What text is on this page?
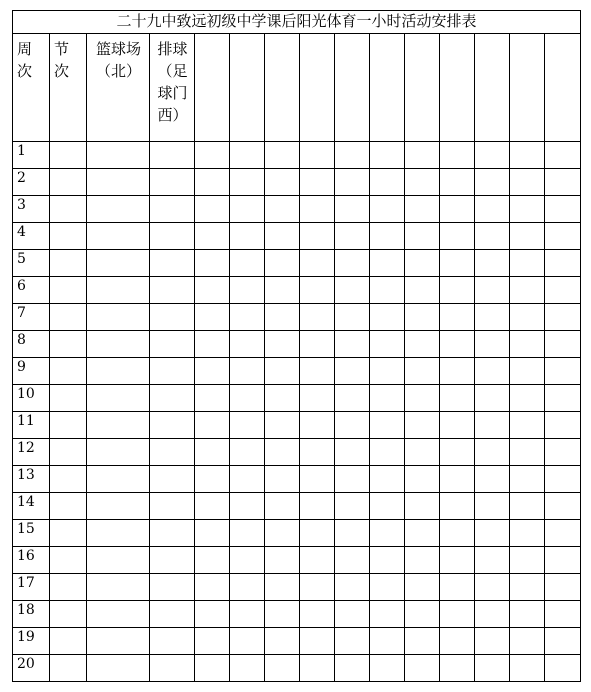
二十九中致远初级中学课后阳光体育一小时活动安排表														

周次	节次	篮球场（北）	排球（足球门西）											

1														

2														

3														

4														

5														

6														

7														

8														

9														

10														

11														

12														

13														

14														

15														

16														

17														

18														

19														

20														
